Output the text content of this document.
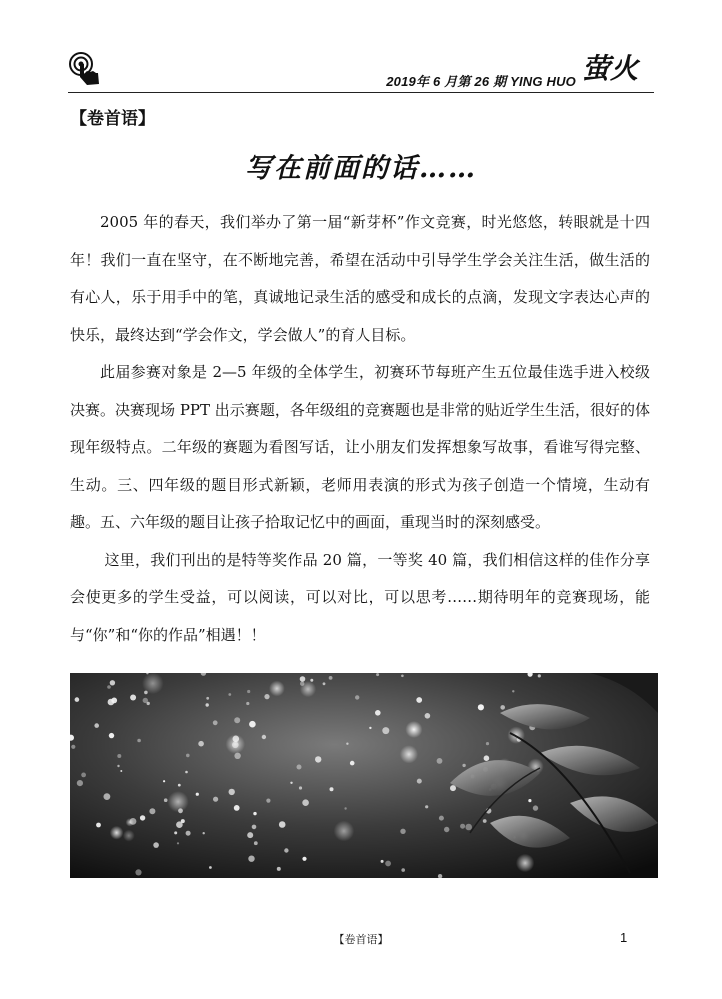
2019年 6 月第 26 期 YING HUO 萤火
【卷首语】
写在前面的话……

2005 年的春天，我们举办了第一届“新芽杯”作文竞赛，时光悠悠，转眼就是十四年！我们一直在坚守，在不断地完善，希望在活动中引导学生学会关注生活，做生活的有心人，乐于用手中的笔，真诚地记录生活的感受和成长的点滴，发现文字表达心声的快乐，最终达到“学会作文，学会做人”的育人目标。

此届参赛对象是 2—5 年级的全体学生，初赛环节每班产生五位最佳选手进入校级决赛。决赛现场 PPT 出示赛题，各年级组的竞赛题也是非常的贴近学生生活，很好的体现年级特点。二年级的赛题为看图写话，让小朋友们发挥想象写故事，看谁写得完整、生动。三、四年级的题目形式新颖，老师用表演的形式为孩子创造一个情境，生动有趣。五、六年级的题目让孩子拾取记忆中的画面，重现当时的深刻感受。

这里，我们刊出的是特等奖作品 20 篇，一等奖 40 篇，我们相信这样的佳作分享会使更多的学生受益，可以阅读，可以对比，可以思考……期待明年的竞赛现场，能与“你”和“你的作品”相遇！！

【卷首语】	1
